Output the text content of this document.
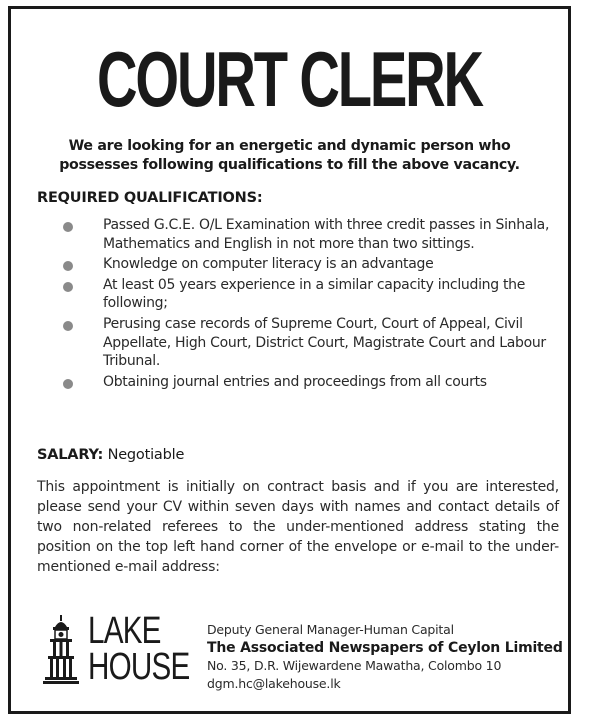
COURT CLERK
We are looking for an energetic and dynamic person who possesses following qualifications to fill the above vacancy.
REQUIRED QUALIFICATIONS:
Passed G.C.E. O/L Examination with three credit passes in Sinhala, Mathematics and English in not more than two sittings.
Knowledge on computer literacy is an advantage
At least 05 years experience in a similar capacity including the following;
Perusing case records of Supreme Court, Court of Appeal, Civil Appellate, High Court, District Court, Magistrate Court and Labour Tribunal.
Obtaining journal entries and proceedings from all courts
SALARY: Negotiable
This appointment is initially on contract basis and if you are interested, please send your CV within seven days with names and contact details of two non-related referees to the under-mentioned address stating the position on the top left hand corner of the envelope or e-mail to the under-mentioned e-mail address:
LAKE
HOUSE
Deputy General Manager-Human Capital
The Associated Newspapers of Ceylon Limited
No. 35, D.R. Wijewardene Mawatha, Colombo 10
dgm.hc@lakehouse.lk
